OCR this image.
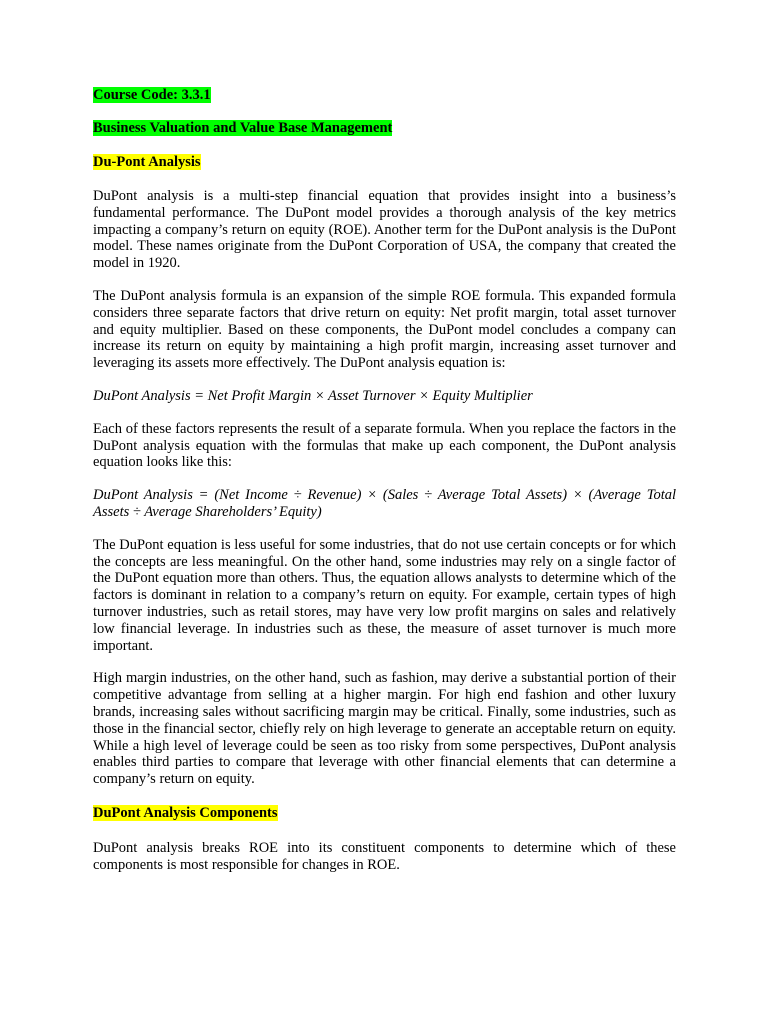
Course Code: 3.3.1

Business Valuation and Value Base Management

Du-Pont Analysis

DuPont analysis is a multi-step financial equation that provides insight into a business’s fundamental performance. The DuPont model provides a thorough analysis of the key metrics impacting a company’s return on equity (ROE). Another term for the DuPont analysis is the DuPont model. These names originate from the DuPont Corporation of USA, the company that created the model in 1920.

The DuPont analysis formula is an expansion of the simple ROE formula. This expanded formula considers three separate factors that drive return on equity: Net profit margin, total asset turnover and equity multiplier. Based on these components, the DuPont model concludes a company can increase its return on equity by maintaining a high profit margin, increasing asset turnover and leveraging its assets more effectively. The DuPont analysis equation is:

DuPont Analysis = Net Profit Margin × Asset Turnover × Equity Multiplier

Each of these factors represents the result of a separate formula. When you replace the factors in the DuPont analysis equation with the formulas that make up each component, the DuPont analysis equation looks like this:

DuPont Analysis = (Net Income ÷ Revenue) × (Sales ÷ Average Total Assets) × (Average Total Assets ÷ Average Shareholders’ Equity)

The DuPont equation is less useful for some industries, that do not use certain concepts or for which the concepts are less meaningful. On the other hand, some industries may rely on a single factor of the DuPont equation more than others. Thus, the equation allows analysts to determine which of the factors is dominant in relation to a company’s return on equity. For example, certain types of high turnover industries, such as retail stores, may have very low profit margins on sales and relatively low financial leverage. In industries such as these, the measure of asset turnover is much more important.

High margin industries, on the other hand, such as fashion, may derive a substantial portion of their competitive advantage from selling at a higher margin. For high end fashion and other luxury brands, increasing sales without sacrificing margin may be critical. Finally, some industries, such as those in the financial sector, chiefly rely on high leverage to generate an acceptable return on equity. While a high level of leverage could be seen as too risky from some perspectives, DuPont analysis enables third parties to compare that leverage with other financial elements that can determine a company’s return on equity.

DuPont Analysis Components

DuPont analysis breaks ROE into its constituent components to determine which of these components is most responsible for changes in ROE.
